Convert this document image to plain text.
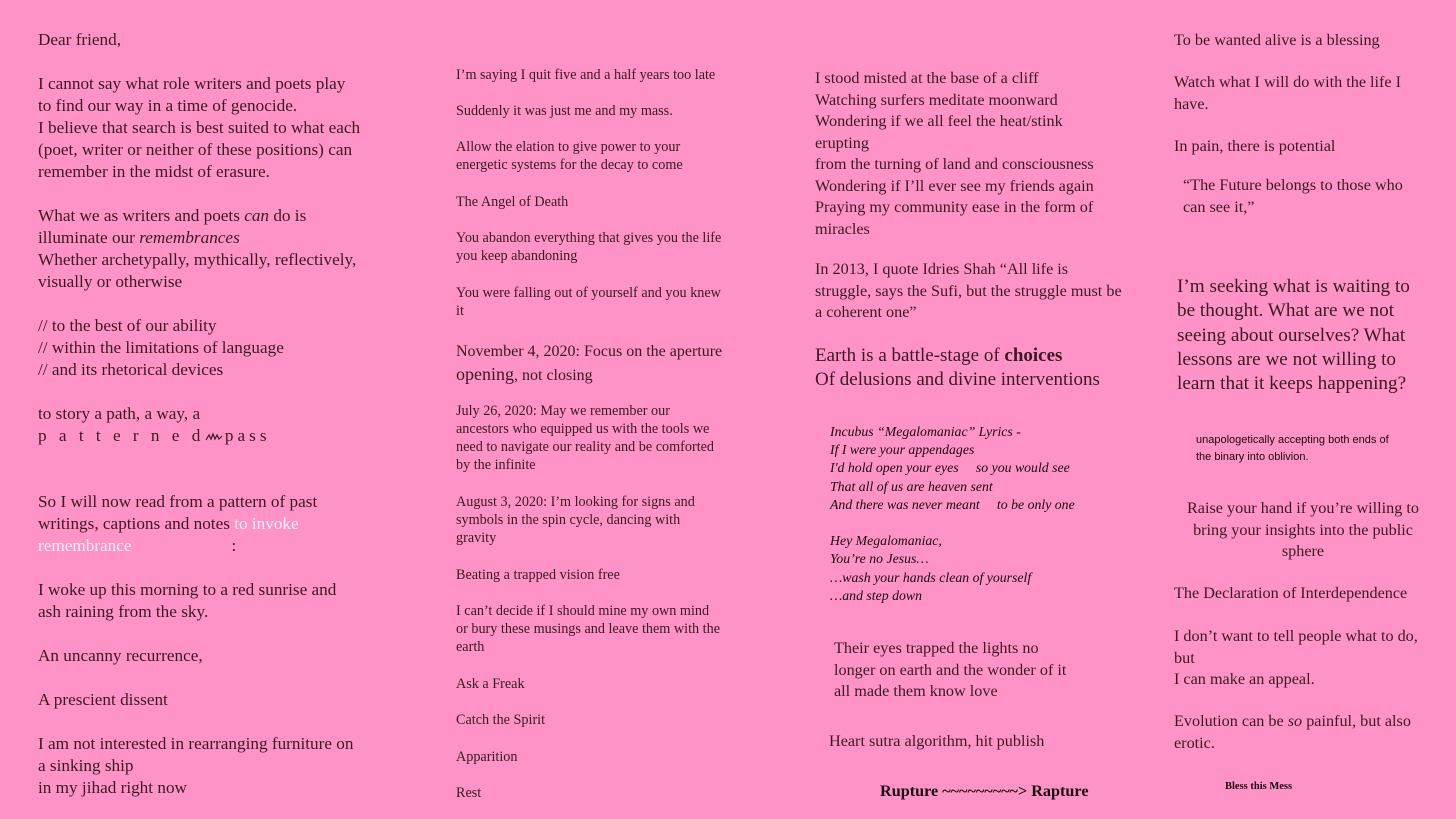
Dear friend,
I cannot say what role writers and poets play
to find our way in a time of genocide.
I believe that search is best suited to what each
(poet, writer or neither of these positions) can
remember in the midst of erasure.
What we as writers and poets can do is
illuminate our remembrances
Whether archetypally, mythically, reflectively,
visually or otherwise
// to the best of our ability
// within the limitations of language
// and its rhetorical devices
to story a path, a way, a
p a t t e r n e d pass
So I will now read from a pattern of past
writings, captions and notes to invoke
remembrance	:
I woke up this morning to a red sunrise and
ash raining from the sky.
An uncanny recurrence,
A prescient dissent
I am not interested in rearranging furniture on
a sinking ship
in my jihad right now
I’m saying I quit five and a half years too late
Suddenly it was just me and my mass.
Allow the elation to give power to your
energetic systems for the decay to come
The Angel of Death
You abandon everything that gives you the life
you keep abandoning
You were falling out of yourself and you knew
it
November 4, 2020: Focus on the aperture
opening, not closing
July 26, 2020: May we remember our
ancestors who equipped us with the tools we
need to navigate our reality and be comforted
by the infinite
August 3, 2020: I’m looking for signs and
symbols in the spin cycle, dancing with
gravity
Beating a trapped vision free
I can’t decide if I should mine my own mind
or bury these musings and leave them with the
earth
Ask a Freak
Catch the Spirit
Apparition
Rest
I stood misted at the base of a cliff
Watching surfers meditate moonward
Wondering if we all feel the heat/stink
erupting
from the turning of land and consciousness
Wondering if I’ll ever see my friends again
Praying my community ease in the form of
miracles
In 2013, I quote Idries Shah “All life is
struggle, says the Sufi, but the struggle must be
a coherent one”
Earth is a battle-stage of choices
Of delusions and divine interventions
Incubus “Megalomaniac” Lyrics -
If I were your appendages
I'd hold open your eyes     so you would see
That all of us are heaven sent
And there was never meant     to be only one
Hey Megalomaniac,
You’re no Jesus…
…wash your hands clean of yourself
…and step down
Their eyes trapped the lights no
longer on earth and the wonder of it
all made them know love
Heart sutra algorithm, hit publish
Rupture ~~~~~~~~~> Rapture
To be wanted alive is a blessing
Watch what I will do with the life I
have.
In pain, there is potential
“The Future belongs to those who
can see it,”
I’m seeking what is waiting to
be thought. What are we not
seeing about ourselves? What
lessons are we not willing to
learn that it keeps happening?
unapologetically accepting both ends of
the binary into oblivion.
Raise your hand if you’re willing to
bring your insights into the public
sphere
The Declaration of Interdependence
I don’t want to tell people what to do,
but
I can make an appeal.
Evolution can be so painful, but also
erotic.
Bless this Mess
